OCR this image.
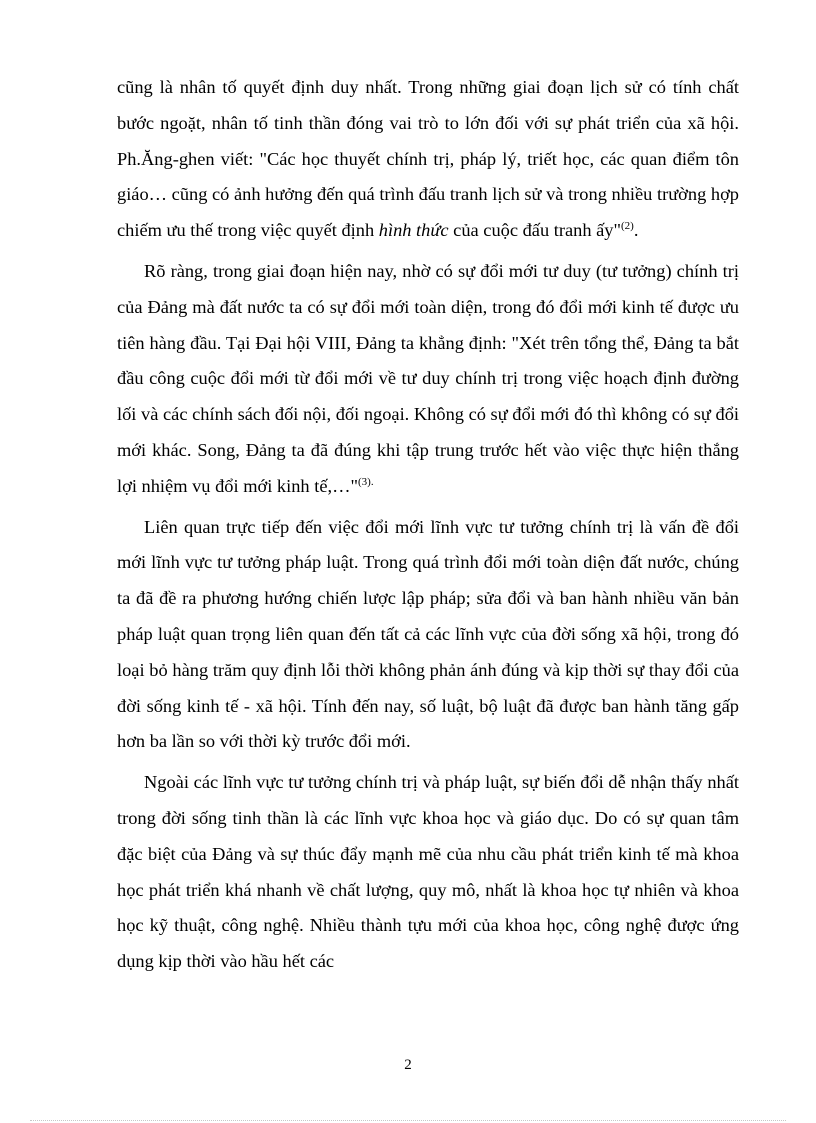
cũng là nhân tố quyết định duy nhất. Trong những giai đoạn lịch sử có tính chất bước ngoặt, nhân tố tinh thần đóng vai trò to lớn đối với sự phát triển của xã hội. Ph.Ăng-ghen viết: "Các học thuyết chính trị, pháp lý, triết học, các quan điểm tôn giáo… cũng có ảnh hưởng đến quá trình đấu tranh lịch sử và trong nhiều trường hợp chiếm ưu thế trong việc quyết định hình thức của cuộc đấu tranh ấy"$^{(2)}$.

Rõ ràng, trong giai đoạn hiện nay, nhờ có sự đổi mới tư duy (tư tưởng) chính trị của Đảng mà đất nước ta có sự đổi mới toàn diện, trong đó đổi mới kinh tế được ưu tiên hàng đầu. Tại Đại hội VIII, Đảng ta khẳng định: "Xét trên tổng thể, Đảng ta bắt đầu công cuộc đổi mới từ đổi mới về tư duy chính trị trong việc hoạch định đường lối và các chính sách đối nội, đối ngoại. Không có sự đổi mới đó thì không có sự đổi mới khác. Song, Đảng ta đã đúng khi tập trung trước hết vào việc thực hiện thắng lợi nhiệm vụ đổi mới kinh tế,…"$^{(3).}$

Liên quan trực tiếp đến việc đổi mới lĩnh vực tư tưởng chính trị là vấn đề đổi mới lĩnh vực tư tưởng pháp luật. Trong quá trình đổi mới toàn diện đất nước, chúng ta đã đề ra phương hướng chiến lược lập pháp; sửa đổi và ban hành nhiều văn bản pháp luật quan trọng liên quan đến tất cả các lĩnh vực của đời sống xã hội, trong đó loại bỏ hàng trăm quy định lỗi thời không phản ánh đúng và kịp thời sự thay đổi của đời sống kinh tế - xã hội. Tính đến nay, số luật, bộ luật đã được ban hành tăng gấp hơn ba lần so với thời kỳ trước đổi mới.

Ngoài các lĩnh vực tư tưởng chính trị và pháp luật, sự biến đổi dễ nhận thấy nhất trong đời sống tinh thần là các lĩnh vực khoa học và giáo dục. Do có sự quan tâm đặc biệt của Đảng và sự thúc đẩy mạnh mẽ của nhu cầu phát triển kinh tế mà khoa học phát triển khá nhanh về chất lượng, quy mô, nhất là khoa học tự nhiên và khoa học kỹ thuật, công nghệ. Nhiều thành tựu mới của khoa học, công nghệ được ứng dụng kịp thời vào hầu hết các

2
